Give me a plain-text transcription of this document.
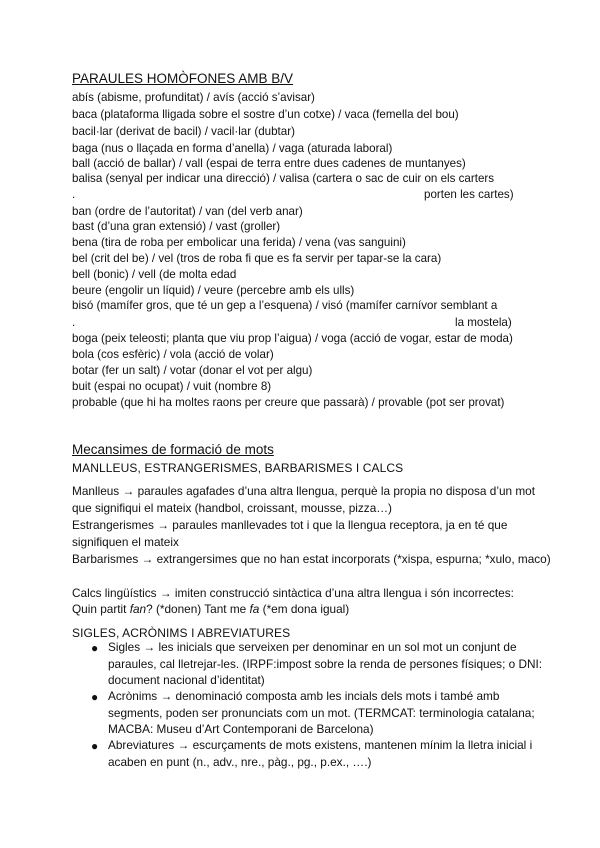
PARAULES HOMÒFONES AMB B/V
abís (abisme, profunditat) / avís (acció s’avisar)
baca (plataforma lligada sobre el sostre d’un cotxe) / vaca (femella del bou)
bacil·lar (derivat de bacil) / vacil·lar (dubtar)
baga (nus o llaçada en forma d’anella) / vaga (aturada laboral)
ball (acció de ballar) / vall (espai de terra entre dues cadenes de muntanyes)
balisa (senyal per indicar una direcció) / valisa (cartera o sac de cuir on els carters
.	porten les cartes)
ban (ordre de l’autoritat) / van (del verb anar)
bast (d’una gran extensió) / vast (groller)
bena (tira de roba per embolicar una ferida) / vena (vas sanguini)
bel (crit del be) / vel (tros de roba fi que es fa servir per tapar-se la cara)
bell (bonic) / vell (de molta edad
beure (engolir un líquid) / veure (percebre amb els ulls)
bisó (mamífer gros, que té un gep a l’esquena) / visó (mamífer carnívor semblant a
.	la mostela)
boga (peix teleosti; planta que viu prop l’aigua) / voga (acció de vogar, estar de moda)
bola (cos esfèric) / vola (acció de volar)
botar (fer un salt) / votar (donar el vot per algu)
buit (espai no ocupat) / vuit (nombre 8)
probable (que hi ha moltes raons per creure que passarà) / provable (pot ser provat)
Mecansimes de formació de mots
MANLLEUS, ESTRANGERISMES, BARBARISMES I CALCS
Manlleus → paraules agafades d’una altra llengua, perquè la propia no disposa d’un mot que signifiqui el mateix (handbol, croissant, mousse, pizza…)
Estrangerismes → paraules manllevades tot i que la llengua receptora, ja en té que signifiquen el mateix
Barbarismes → extrangersimes que no han estat incorporats (*xispa, espurna; *xulo, maco)
Calcs lingüístics → imiten construcció sintàctica d’una altra llengua i són incorrectes:
Quin partit fan? (*donen) Tant me fa (*em dona igual)
SIGLES, ACRÒNIMS I ABREVIATURES
● Sigles → les inicials que serveixen per denominar en un sol mot un conjunt de paraules, cal lletrejar-les. (IRPF:impost sobre la renda de persones físiques; o DNI: document nacional d’identitat)
● Acrònims → denominació composta amb les incials dels mots i també amb segments, poden ser pronunciats com un mot. (TERMCAT: terminologia catalana; MACBA: Museu d’Art Contemporani de Barcelona)
● Abreviatures → escurçaments de mots existens, mantenen mínim la lletra inicial i acaben en punt (n., adv., nre., pàg., pg., p.ex., ….)
